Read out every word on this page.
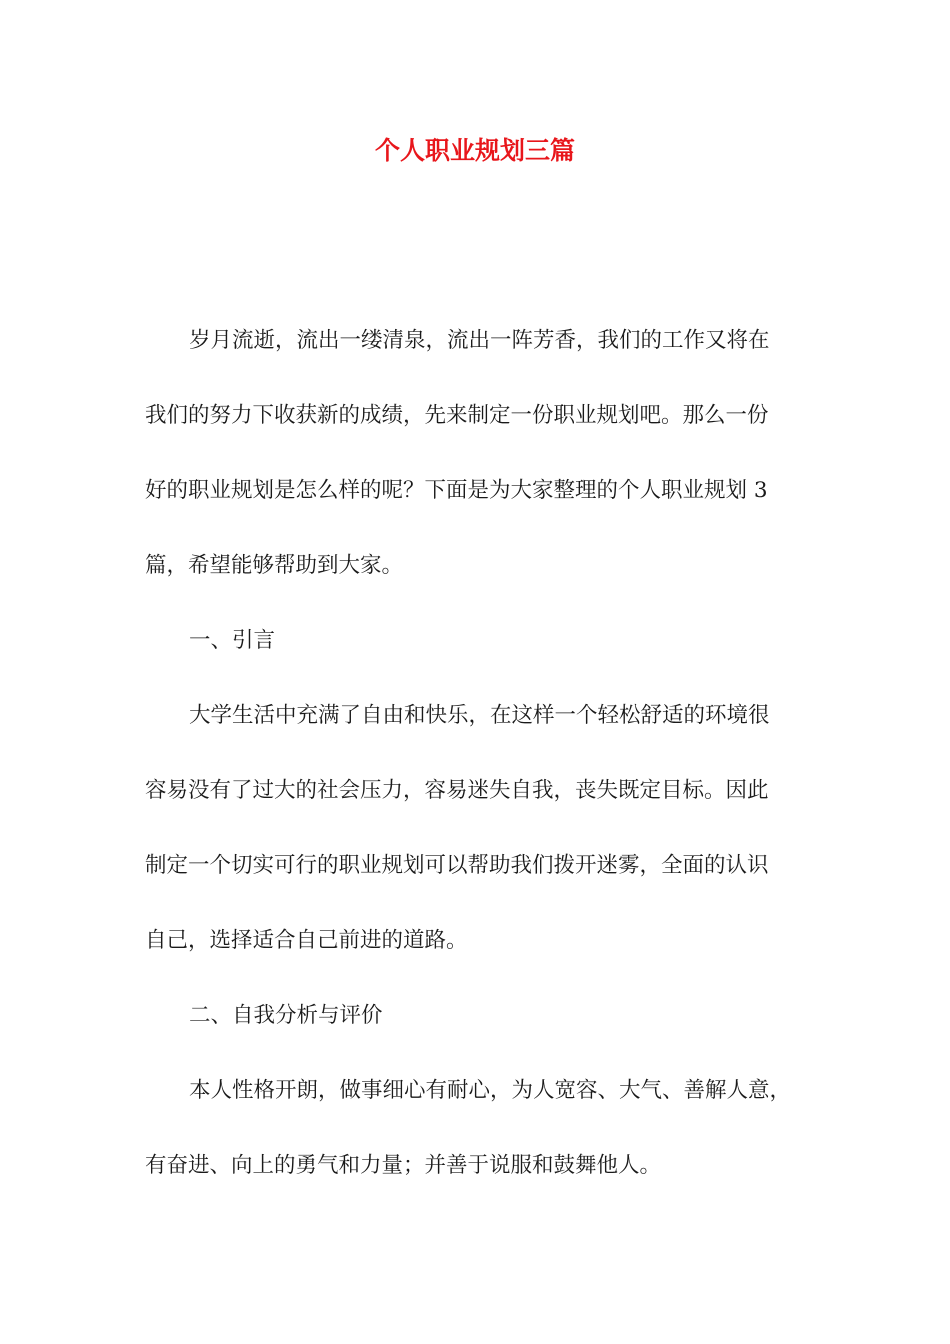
个人职业规划三篇

岁月流逝，流出一缕清泉，流出一阵芳香，我们的工作又将在
我们的努力下收获新的成绩，先来制定一份职业规划吧。那么一份
好的职业规划是怎么样的呢？下面是为大家整理的个人职业规划 3
篇，希望能够帮助到大家。

一、引言

大学生活中充满了自由和快乐，在这样一个轻松舒适的环境很
容易没有了过大的社会压力，容易迷失自我，丧失既定目标。因此
制定一个切实可行的职业规划可以帮助我们拨开迷雾，全面的认识
自己，选择适合自己前进的道路。

二、自我分析与评价

本人性格开朗，做事细心有耐心，为人宽容、大气、善解人意，
有奋进、向上的勇气和力量；并善于说服和鼓舞他人。
